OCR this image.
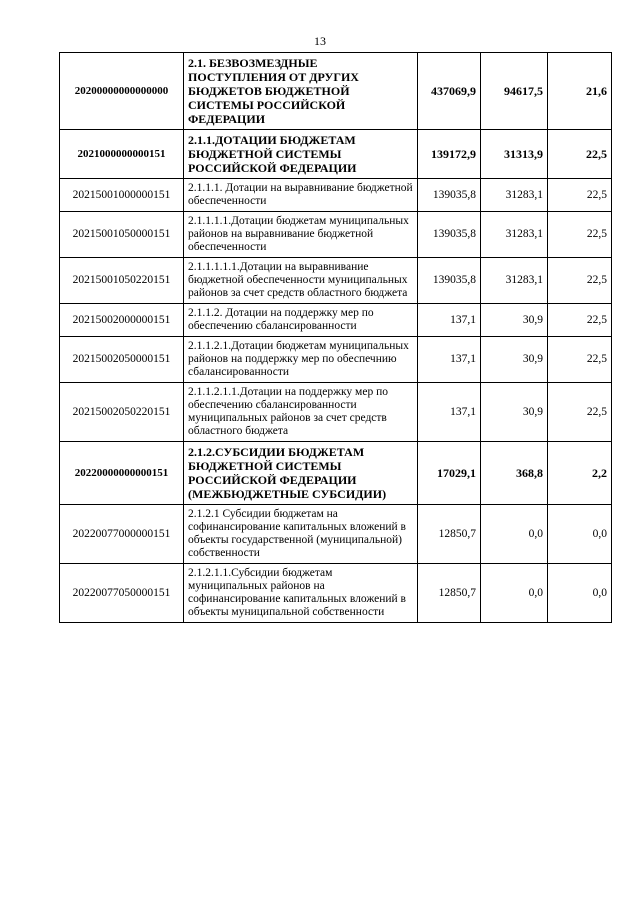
13
20200000000000000	2.1. БЕЗВОЗМЕЗДНЫЕ ПОСТУПЛЕНИЯ ОТ ДРУГИХ БЮДЖЕТОВ БЮДЖЕТНОЙ СИСТЕМЫ РОССИЙСКОЙ ФЕДЕРАЦИИ	437069,9	94617,5	21,6
2021000000000151	2.1.1.ДОТАЦИИ БЮДЖЕТАМ БЮДЖЕТНОЙ СИСТЕМЫ РОССИЙСКОЙ ФЕДЕРАЦИИ	139172,9	31313,9	22,5
20215001000000151	2.1.1.1. Дотации на выравнивание бюджетной обеспеченности	139035,8	31283,1	22,5
20215001050000151	2.1.1.1.1.Дотации бюджетам муниципальных районов на выравнивание бюджетной обеспеченности	139035,8	31283,1	22,5
20215001050220151	2.1.1.1.1.1.Дотации на выравнивание бюджетной обеспеченности муниципальных районов за счет средств областного бюджета	139035,8	31283,1	22,5
20215002000000151	2.1.1.2. Дотации на поддержку мер по обеспечению сбалансированности	137,1	30,9	22,5
20215002050000151	2.1.1.2.1.Дотации бюджетам муниципальных районов на поддержку мер по обеспечнию сбалансированности	137,1	30,9	22,5
20215002050220151	2.1.1.2.1.1.Дотации на поддержку мер по обеспечению сбалансированности муниципальных районов за счет средств областного бюджета	137,1	30,9	22,5
20220000000000151	2.1.2.СУБСИДИИ БЮДЖЕТАМ БЮДЖЕТНОЙ СИСТЕМЫ РОССИЙСКОЙ ФЕДЕРАЦИИ (МЕЖБЮДЖЕТНЫЕ СУБСИДИИ)	17029,1	368,8	2,2
20220077000000151	2.1.2.1 Субсидии бюджетам на софинансирование капитальных вложений в объекты государственной (муниципальной) собственности	12850,7	0,0	0,0
20220077050000151	2.1.2.1.1.Субсидии бюджетам муниципальных районов на софинансирование капитальных вложений в объекты муниципальной собственности	12850,7	0,0	0,0
